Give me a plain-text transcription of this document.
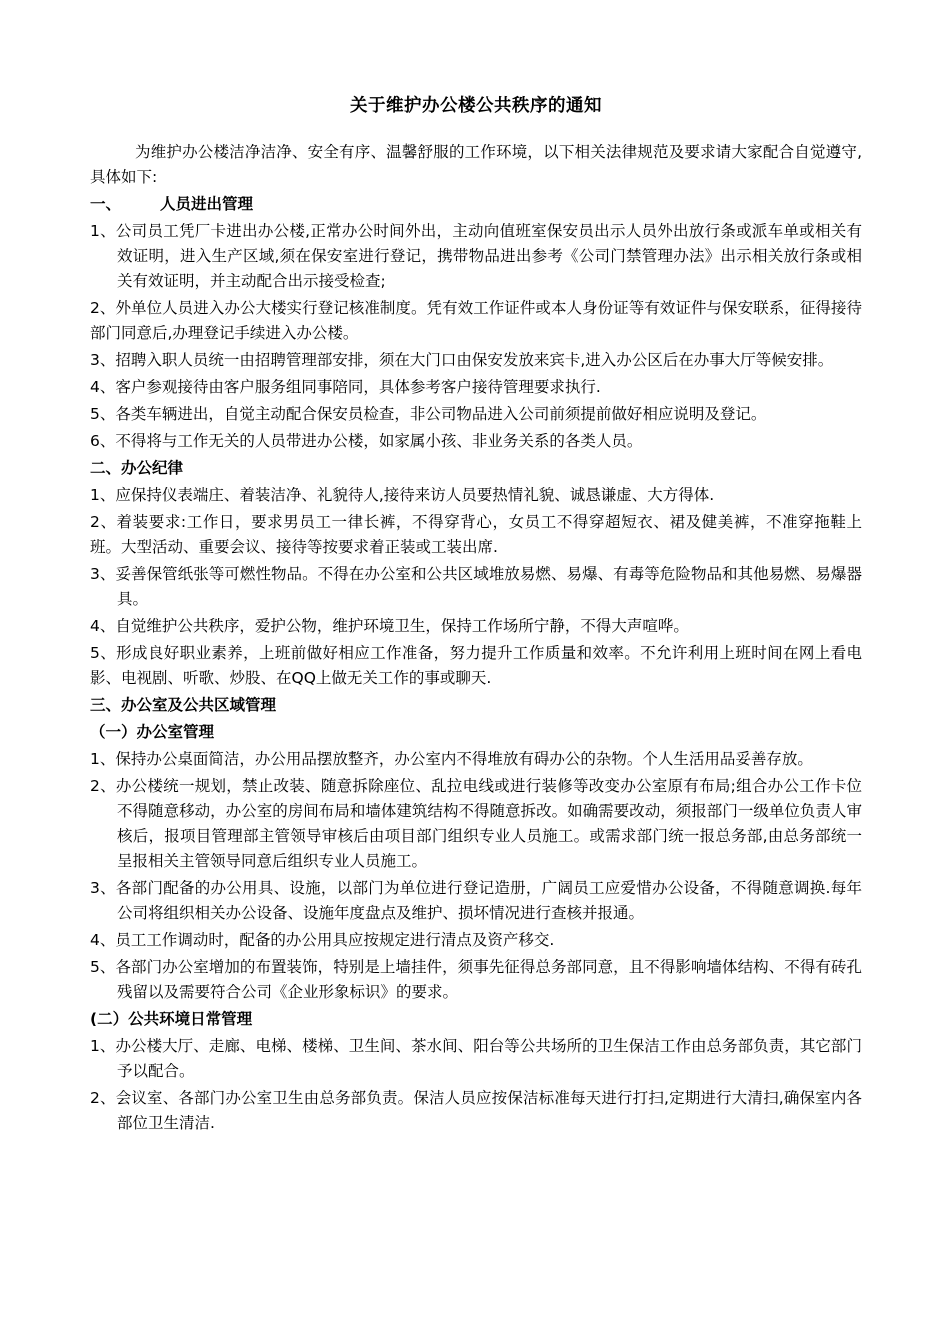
关于维护办公楼公共秩序的通知
为维护办公楼洁净洁净、安全有序、温馨舒服的工作环境，以下相关法律规范及要求请大家配合自觉遵守,具体如下:
一、	人员进出管理
1、公司员工凭厂卡进出办公楼,正常办公时间外出，主动向值班室保安员出示人员外出放行条或派车单或相关有效证明，进入生产区域,须在保安室进行登记，携带物品进出参考《公司门禁管理办法》出示相关放行条或相关有效证明，并主动配合出示接受检查;
2、外单位人员进入办公大楼实行登记核准制度。凭有效工作证件或本人身份证等有效证件与保安联系，征得接待部门同意后,办理登记手续进入办公楼。
3、招聘入职人员统一由招聘管理部安排，须在大门口由保安发放来宾卡,进入办公区后在办事大厅等候安排。
4、客户参观接待由客户服务组同事陪同，具体参考客户接待管理要求执行.
5、各类车辆进出，自觉主动配合保安员检查，非公司物品进入公司前须提前做好相应说明及登记。
6、不得将与工作无关的人员带进办公楼，如家属小孩、非业务关系的各类人员。
二、办公纪律
1、应保持仪表端庄、着装洁净、礼貌待人,接待来访人员要热情礼貌、诚恳谦虚、大方得体.
2、着装要求:工作日，要求男员工一律长裤，不得穿背心，女员工不得穿超短衣、裙及健美裤，不准穿拖鞋上班。大型活动、重要会议、接待等按要求着正装或工装出席.
3、妥善保管纸张等可燃性物品。不得在办公室和公共区域堆放易燃、易爆、有毒等危险物品和其他易燃、易爆器具。
4、自觉维护公共秩序，爱护公物，维护环境卫生，保持工作场所宁静，不得大声喧哗。
5、形成良好职业素养，上班前做好相应工作准备，努力提升工作质量和效率。不允许利用上班时间在网上看电影、电视剧、听歌、炒股、在QQ上做无关工作的事或聊天.
三、办公室及公共区域管理
（一）办公室管理
1、保持办公桌面简洁，办公用品摆放整齐，办公室内不得堆放有碍办公的杂物。个人生活用品妥善存放。
2、办公楼统一规划，禁止改装、随意拆除座位、乱拉电线或进行装修等改变办公室原有布局;组合办公工作卡位不得随意移动，办公室的房间布局和墙体建筑结构不得随意拆改。如确需要改动，须报部门一级单位负责人审核后，报项目管理部主管领导审核后由项目部门组织专业人员施工。或需求部门统一报总务部,由总务部统一呈报相关主管领导同意后组织专业人员施工。
3、各部门配备的办公用具、设施，以部门为单位进行登记造册，广阔员工应爱惜办公设备，不得随意调换.每年公司将组织相关办公设备、设施年度盘点及维护、损坏情况进行查核并报通。
4、员工工作调动时，配备的办公用具应按规定进行清点及资产移交.
5、各部门办公室增加的布置装饰，特别是上墙挂件，须事先征得总务部同意，且不得影响墙体结构、不得有砖孔残留以及需要符合公司《企业形象标识》的要求。
(二）公共环境日常管理
1、办公楼大厅、走廊、电梯、楼梯、卫生间、茶水间、阳台等公共场所的卫生保洁工作由总务部负责，其它部门予以配合。
2、会议室、各部门办公室卫生由总务部负责。保洁人员应按保洁标准每天进行打扫,定期进行大清扫,确保室内各部位卫生清洁.
